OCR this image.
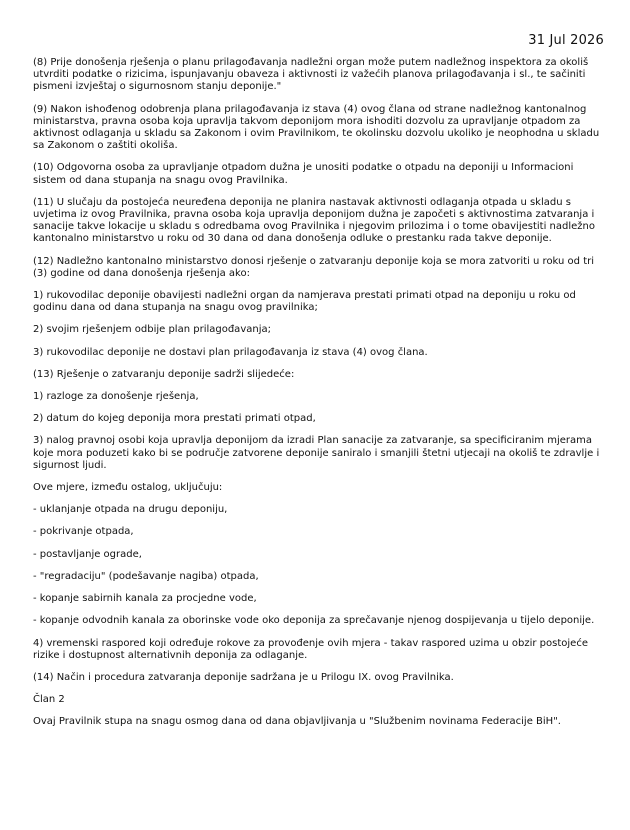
31 Jul 2026

(8) Prije donošenja rješenja o planu prilagođavanja nadležni organ može putem nadležnog inspektora za okoliš utvrditi podatke o rizicima, ispunjavanju obaveza i aktivnosti iz važećih planova prilagođavanja i sl., te sačiniti pismeni izvještaj o sigurnosnom stanju deponije."

(9) Nakon ishođenog odobrenja plana prilagođavanja iz stava (4) ovog člana od strane nadležnog kantonalnog ministarstva, pravna osoba koja upravlja takvom deponijom mora ishoditi dozvolu za upravljanje otpadom za aktivnost odlaganja u skladu sa Zakonom i ovim Pravilnikom, te okolinsku dozvolu ukoliko je neophodna u skladu sa Zakonom o zaštiti okoliša.

(10) Odgovorna osoba za upravljanje otpadom dužna je unositi podatke o otpadu na deponiji u Informacioni sistem od dana stupanja na snagu ovog Pravilnika.

(11) U slučaju da postojeća neuređena deponija ne planira nastavak aktivnosti odlaganja otpada u skladu s uvjetima iz ovog Pravilnika, pravna osoba koja upravlja deponijom dužna je započeti s aktivnostima zatvaranja i sanacije takve lokacije u skladu s odredbama ovog Pravilnika i njegovim prilozima i o tome obavijestiti nadležno kantonalno ministarstvo u roku od 30 dana od dana donošenja odluke o prestanku rada takve deponije.

(12) Nadležno kantonalno ministarstvo donosi rješenje o zatvaranju deponije koja se mora zatvoriti u roku od tri (3) godine od dana donošenja rješenja ako:

1) rukovodilac deponije obavijesti nadležni organ da namjerava prestati primati otpad na deponiju u roku od godinu dana od dana stupanja na snagu ovog pravilnika;

2) svojim rješenjem odbije plan prilagođavanja;

3) rukovodilac deponije ne dostavi plan prilagođavanja iz stava (4) ovog člana.

(13) Rješenje o zatvaranju deponije sadrži slijedeće:

1) razloge za donošenje rješenja,

2) datum do kojeg deponija mora prestati primati otpad,

3) nalog pravnoj osobi koja upravlja deponijom da izradi Plan sanacije za zatvaranje, sa specificiranim mjerama koje mora poduzeti kako bi se područje zatvorene deponije saniralo i smanjili štetni utjecaji na okoliš te zdravlje i sigurnost ljudi.

Ove mjere, između ostalog, uključuju:

- uklanjanje otpada na drugu deponiju,

- pokrivanje otpada,

- postavljanje ograde,

- "regradaciju" (podešavanje nagiba) otpada,

- kopanje sabirnih kanala za procjedne vode,

- kopanje odvodnih kanala za oborinske vode oko deponija za sprečavanje njenog dospijevanja u tijelo deponije.

4) vremenski raspored koji određuje rokove za provođenje ovih mjera - takav raspored uzima u obzir postojeće rizike i dostupnost alternativnih deponija za odlaganje.

(14) Način i procedura zatvaranja deponije sadržana je u Prilogu IX. ovog Pravilnika.

Član 2

Ovaj Pravilnik stupa na snagu osmog dana od dana objavljivanja u "Službenim novinama Federacije BiH".
